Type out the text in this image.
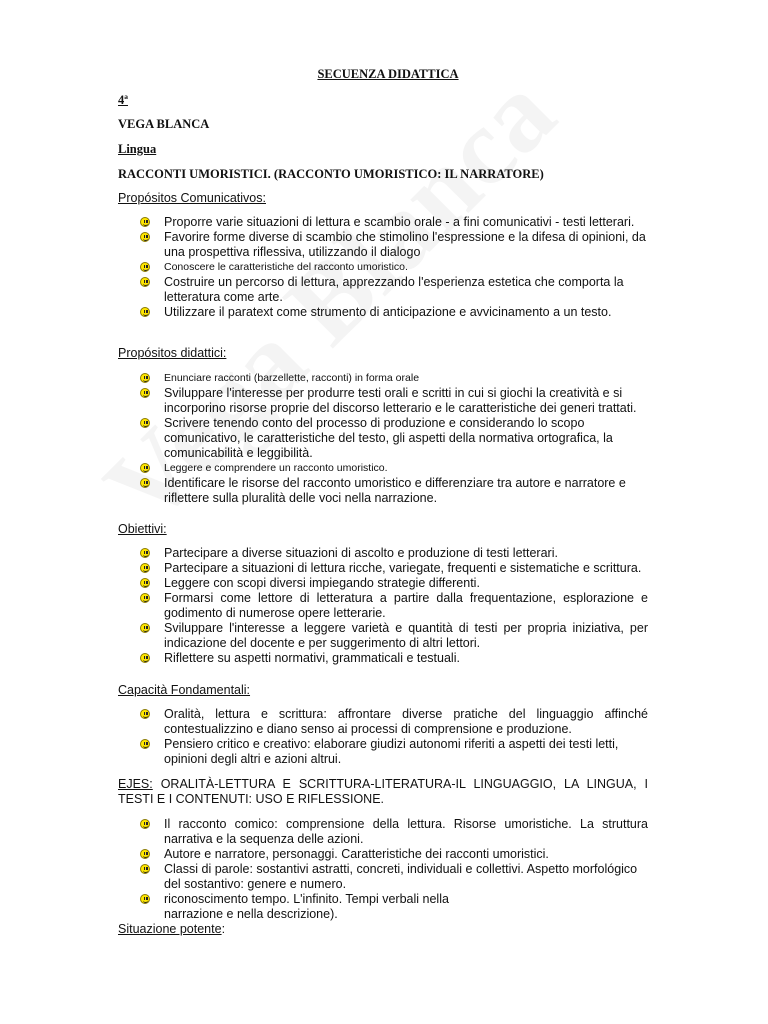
SECUENZA DIDATTICA
4ª
VEGA BLANCA
Lingua
RACCONTI UMORISTICI. (RACCONTO UMORISTICO: IL NARRATORE)
Propósitos Comunicativos:
Proporre varie situazioni di lettura e scambio orale - a fini comunicativi - testi letterari.
Favorire forme diverse di scambio che stimolino l'espressione e la difesa di opinioni, da una prospettiva riflessiva, utilizzando il dialogo
Conoscere le caratteristiche del racconto umoristico.
Costruire un percorso di lettura, apprezzando l'esperienza estetica che comporta la letteratura come arte.
Utilizzare il paratext come strumento di anticipazione e avvicinamento a un testo.
Propósitos didattici:
Enunciare racconti (barzellette, racconti) in forma orale
Sviluppare l'interesse per produrre testi orali e scritti in cui si giochi la creatività e si incorporino risorse proprie del discorso letterario e le caratteristiche dei generi trattati.
Scrivere tenendo conto del processo di produzione e considerando lo scopo comunicativo, le caratteristiche del testo, gli aspetti della normativa ortografica, la comunicabilità e leggibilità.
Leggere e comprendere un racconto umoristico.
Identificare le risorse del racconto umoristico e differenziare tra autore e narratore e riflettere sulla pluralità delle voci nella narrazione.
Obiettivi:
Partecipare a diverse situazioni di ascolto e produzione di testi letterari.
Partecipare a situazioni di lettura ricche, variegate, frequenti e sistematiche e scrittura.
Leggere con scopi diversi impiegando strategie differenti.
Formarsi come lettore di letteratura a partire dalla frequentazione, esplorazione e godimento di numerose opere letterarie.
Sviluppare l'interesse a leggere varietà e quantità di testi per propria iniziativa, per indicazione del docente e per suggerimento di altri lettori.
Riflettere su aspetti normativi, grammaticali e testuali.
Capacità Fondamentali:
Oralità, lettura e scrittura: affrontare diverse pratiche del linguaggio affinché contestualizzino e diano senso ai processi di comprensione e produzione.
Pensiero critico e creativo: elaborare giudizi autonomi riferiti a aspetti dei testi letti, opinioni degli altri e azioni altrui.
EJES: ORALITÀ-LETTURA E SCRITTURA-LITERATURA-IL LINGUAGGIO, LA LINGUA, I TESTI E I CONTENUTI: USO E RIFLESSIONE.
Il racconto comico: comprensione della lettura. Risorse umoristiche. La struttura narrativa e la sequenza delle azioni.
Autore e narratore, personaggi. Caratteristiche dei racconti umoristici.
Classi di parole: sostantivi astratti, concreti, individuali e collettivi. Aspetto morfológico del sostantivo: genere e numero.
riconoscimento tempo. L'infinito. Tempi verbali nella narrazione e nella descrizione).
Situazione potente:
